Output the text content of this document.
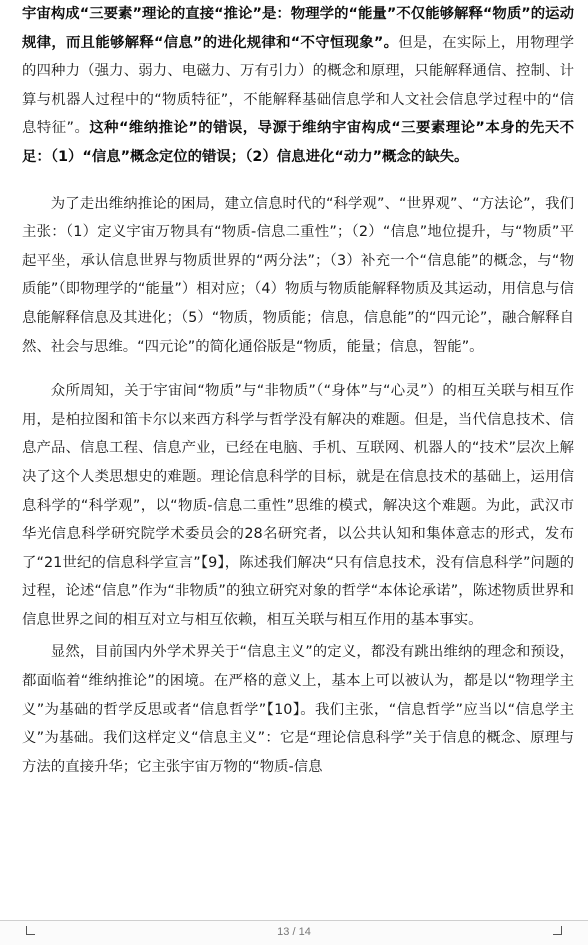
宇宙构成“三要素”理论的直接“推论”是：物理学的“能量”不仅能够解释“物质”的运动规律，而且能够解释“信息”的进化规律和“不守恒现象”。但是，在实际上，用物理学的四种力（强力、弱力、电磁力、万有引力）的概念和原理，只能解释通信、控制、计算与机器人过程中的“物质特征”，不能解释基础信息学和人文社会信息学过程中的“信息特征”。这种“维纳推论”的错误，导源于维纳宇宙构成“三要素理论”本身的先天不足：（1）“信息”概念定位的错误；（2）信息进化“动力”概念的缺失。

为了走出维纳推论的困局，建立信息时代的“科学观”、“世界观”、“方法论”，我们主张：（1）定义宇宙万物具有“物质-信息二重性”；（2）“信息”地位提升，与“物质”平起平坐，承认信息世界与物质世界的“两分法”；（3）补充一个“信息能”的概念，与“物质能”（即物理学的“能量”）相对应；（4）物质与物质能解释物质及其运动，用信息与信息能解释信息及其进化；（5）“物质，物质能；信息，信息能”的“四元论”，融合解释自然、社会与思维。“四元论”的简化通俗版是“物质，能量；信息，智能”。

众所周知，关于宇宙间“物质”与“非物质”（“身体”与“心灵”）的相互关联与相互作用，是柏拉图和笛卡尔以来西方科学与哲学没有解决的难题。但是，当代信息技术、信息产品、信息工程、信息产业，已经在电脑、手机、互联网、机器人的“技术”层次上解决了这个人类思想史的难题。理论信息科学的目标，就是在信息技术的基础上，运用信息科学的“科学观”，以“物质-信息二重性”思维的模式，解决这个难题。为此，武汉市华光信息科学研究院学术委员会的28名研究者，以公共认知和集体意志的形式，发布了“21世纪的信息科学宣言”【9】，陈述我们解决“只有信息技术，没有信息科学”问题的过程，论述“信息”作为“非物质”的独立研究对象的哲学“本体论承诺”，陈述物质世界和信息世界之间的相互对立与相互依赖，相互关联与相互作用的基本事实。

显然，目前国内外学术界关于“信息主义”的定义，都没有跳出维纳的理念和预设，都面临着“维纳推论”的困境。在严格的意义上，基本上可以被认为，都是以“物理学主义”为基础的哲学反思或者“信息哲学”【10】。我们主张，“信息哲学”应当以“信息学主义”为基础。我们这样定义“信息主义”：它是“理论信息科学”关于信息的概念、原理与方法的直接升华；它主张宇宙万物的“物质-信息

13 / 14
